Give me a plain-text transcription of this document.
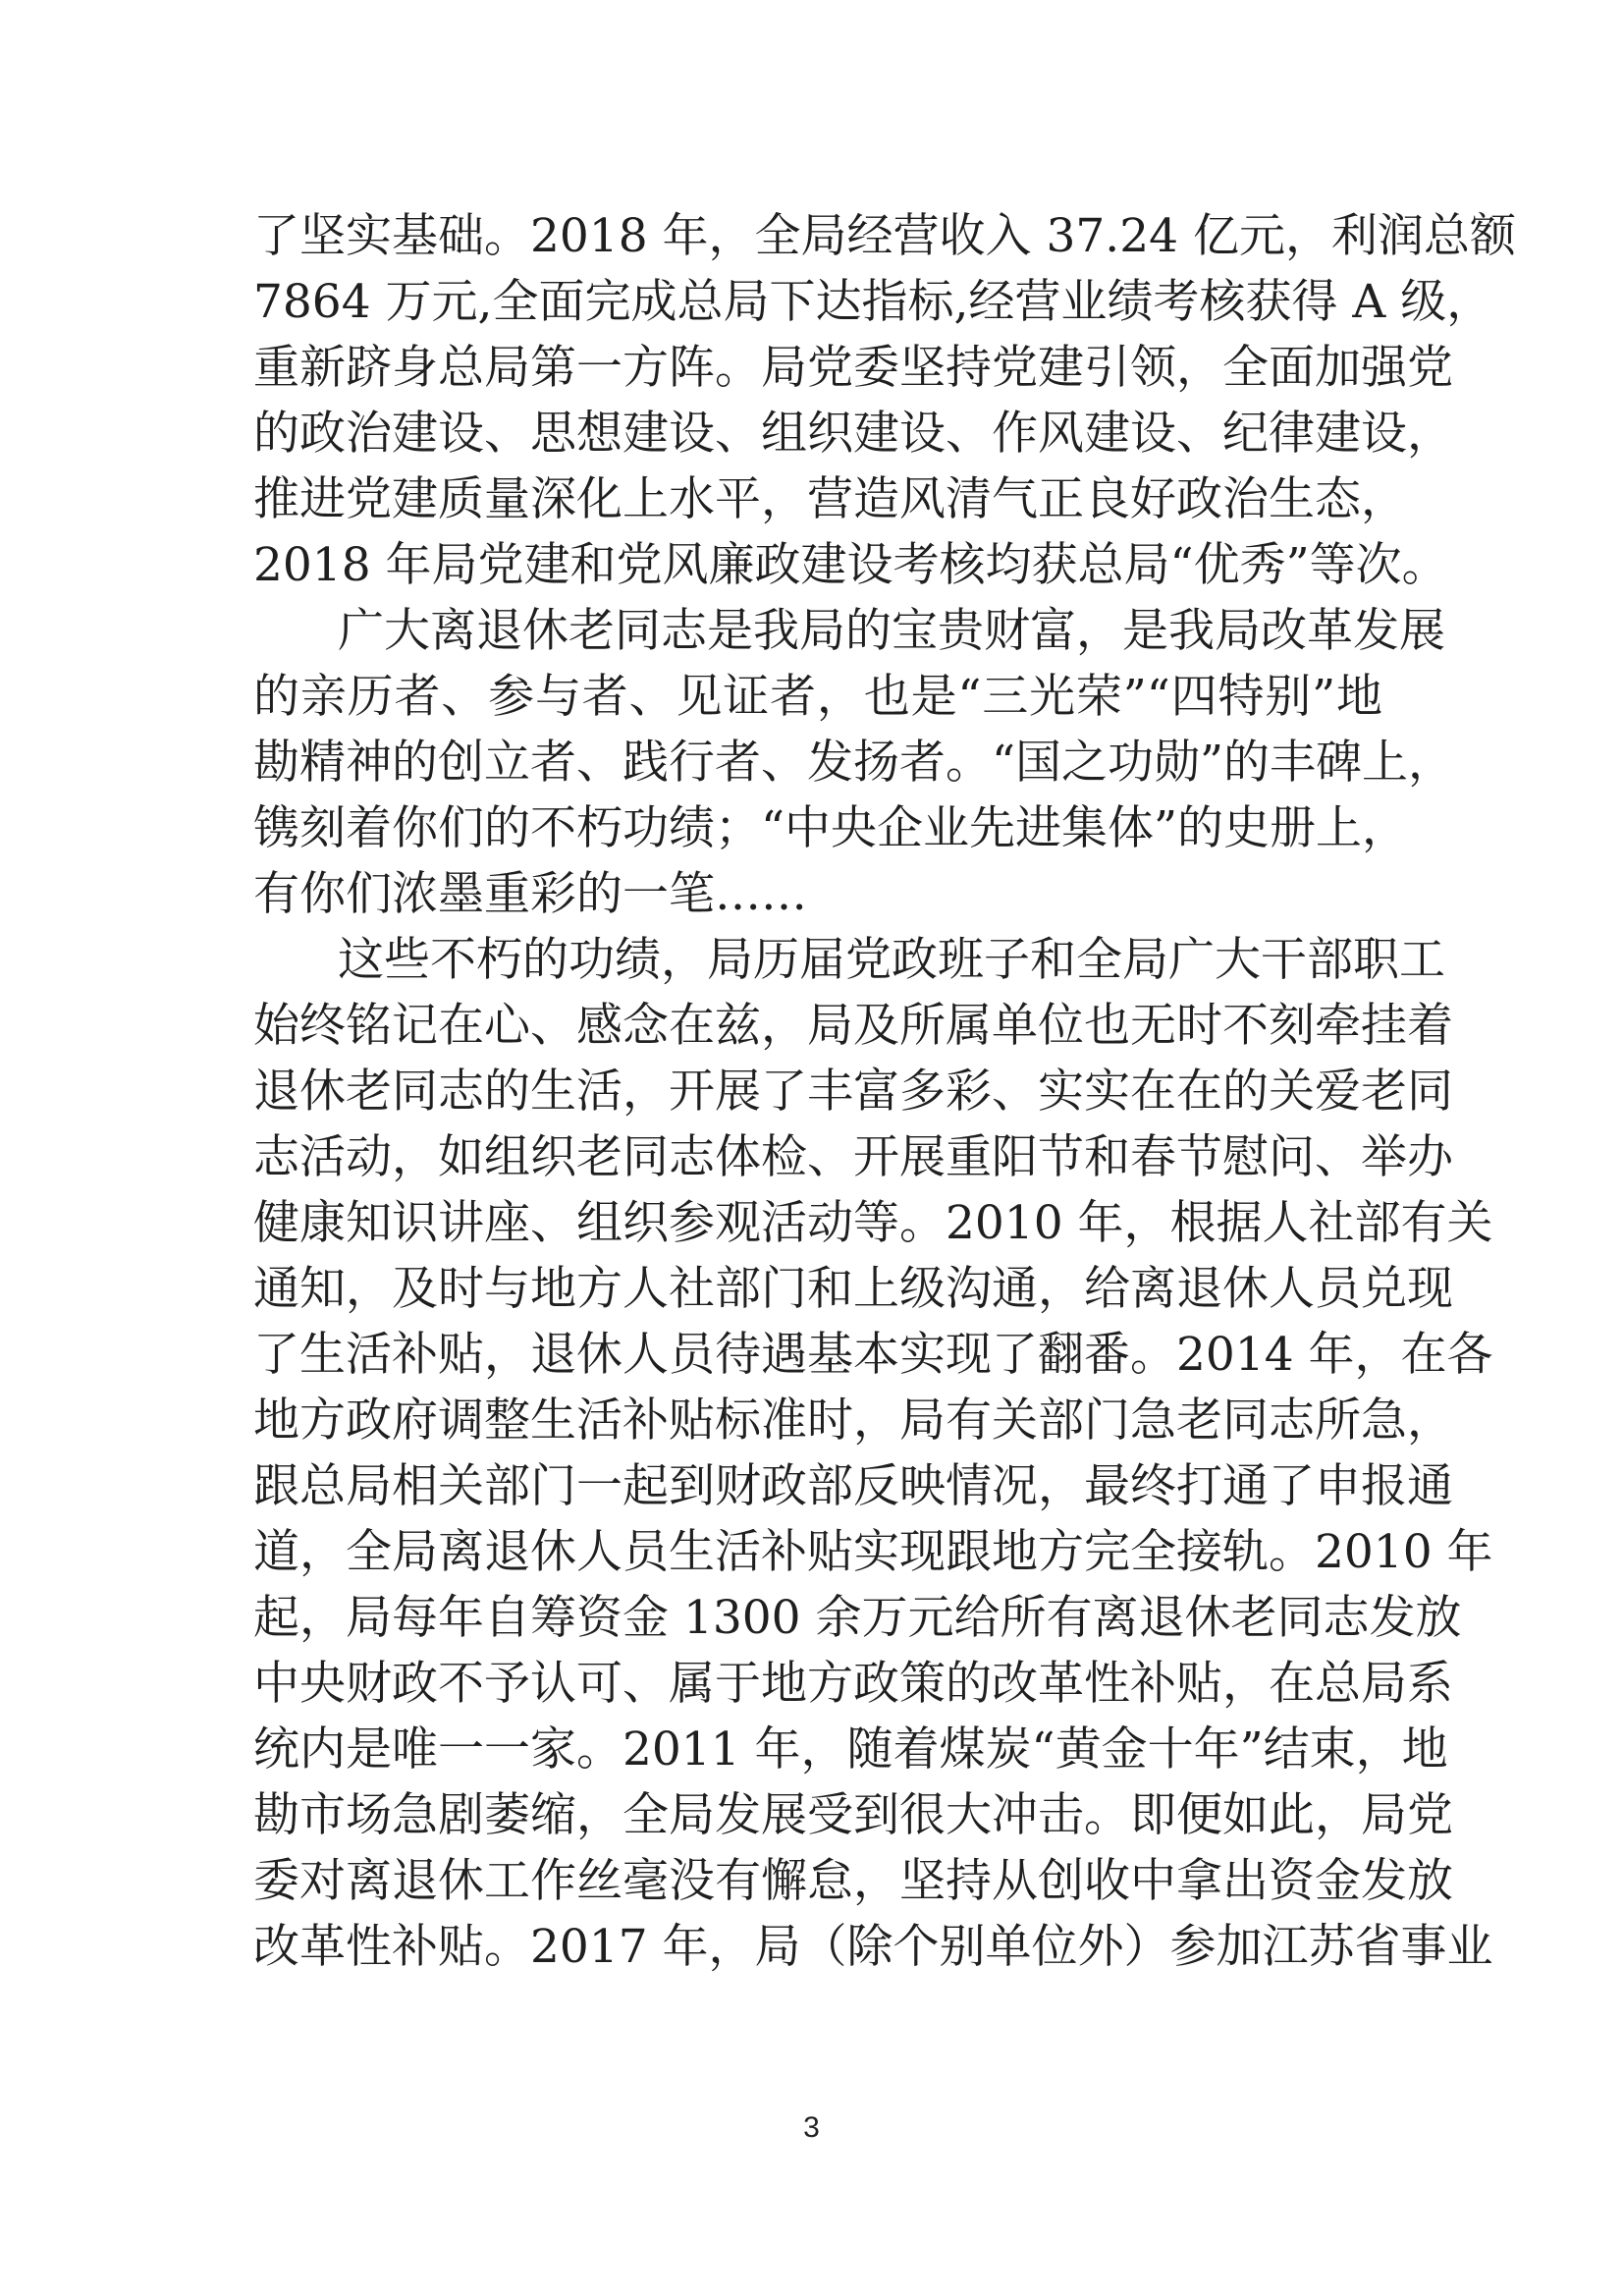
了坚实基础。2018 年，全局经营收入 37.24 亿元，利润总额
7864 万元,全面完成总局下达指标,经营业绩考核获得 A 级，
重新跻身总局第一方阵。局党委坚持党建引领，全面加强党
的政治建设、思想建设、组织建设、作风建设、纪律建设，
推进党建质量深化上水平，营造风清气正良好政治生态，
2018 年局党建和党风廉政建设考核均获总局“优秀”等次。
广大离退休老同志是我局的宝贵财富，是我局改革发展
的亲历者、参与者、见证者，也是“三光荣”“四特别”地
勘精神的创立者、践行者、发扬者。“国之功勋”的丰碑上，
镌刻着你们的不朽功绩；“中央企业先进集体”的史册上，
有你们浓墨重彩的一笔……
这些不朽的功绩，局历届党政班子和全局广大干部职工
始终铭记在心、感念在兹，局及所属单位也无时不刻牵挂着
退休老同志的生活，开展了丰富多彩、实实在在的关爱老同
志活动，如组织老同志体检、开展重阳节和春节慰问、举办
健康知识讲座、组织参观活动等。2010 年，根据人社部有关
通知，及时与地方人社部门和上级沟通，给离退休人员兑现
了生活补贴，退休人员待遇基本实现了翻番。2014 年，在各
地方政府调整生活补贴标准时，局有关部门急老同志所急，
跟总局相关部门一起到财政部反映情况，最终打通了申报通
道，全局离退休人员生活补贴实现跟地方完全接轨。2010 年
起，局每年自筹资金 1300 余万元给所有离退休老同志发放
中央财政不予认可、属于地方政策的改革性补贴，在总局系
统内是唯一一家。2011 年，随着煤炭“黄金十年”结束，地
勘市场急剧萎缩，全局发展受到很大冲击。即便如此，局党
委对离退休工作丝毫没有懈怠，坚持从创收中拿出资金发放
改革性补贴。2017 年，局（除个别单位外）参加江苏省事业
3
